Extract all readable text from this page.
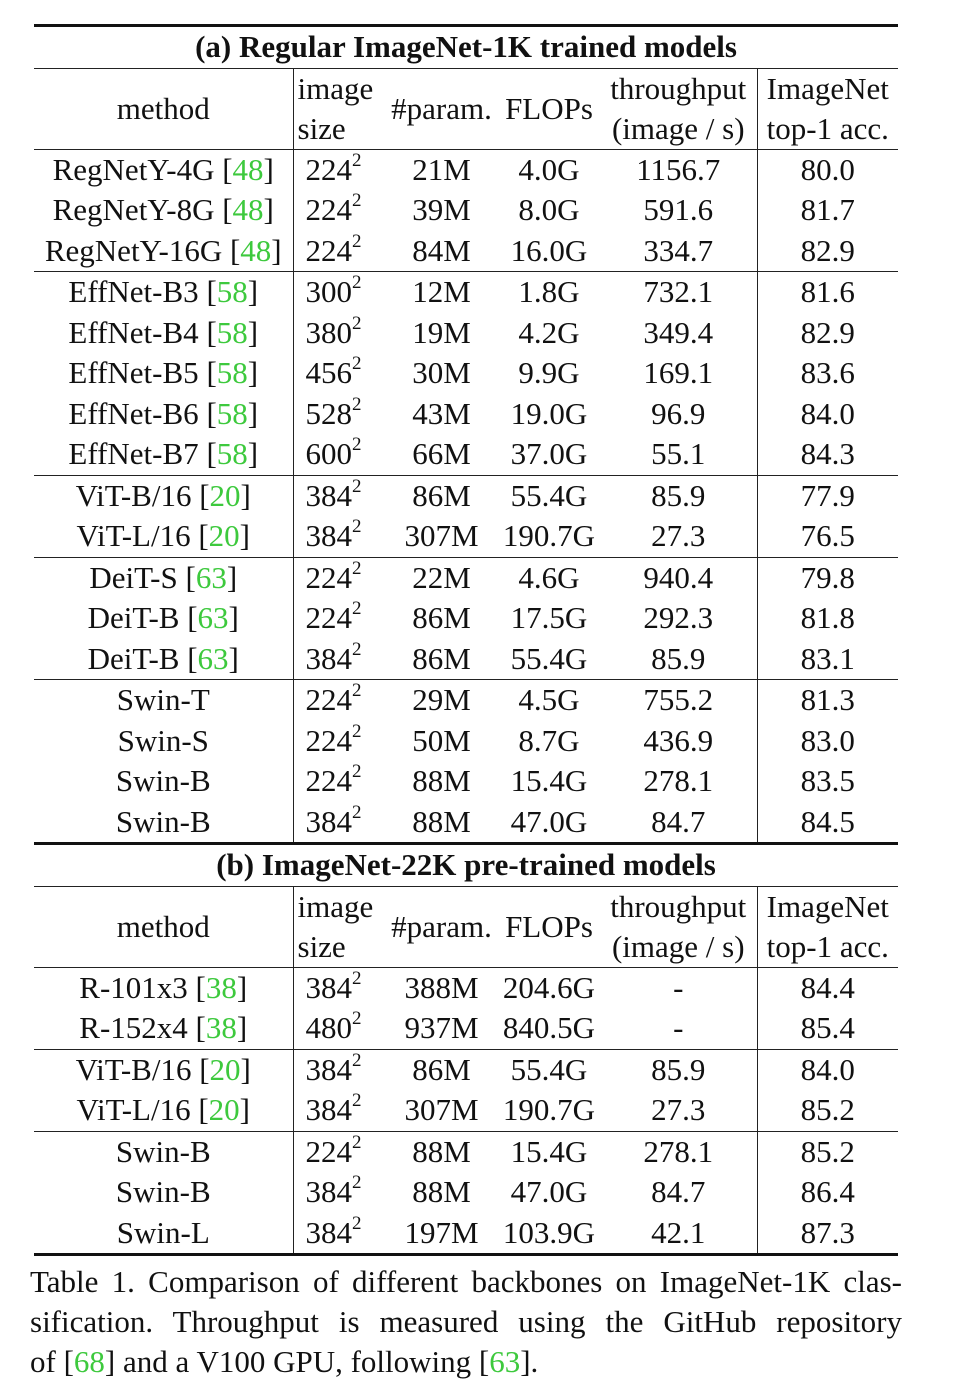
(a) Regular ImageNet-1K trained models					
method	image	#param.	FLOPs	throughput	ImageNet
	size			(image / s)	top-1 acc.
RegNetY-4G [48]	$224^2$	21M	4.0G	1156.7	80.0
RegNetY-8G [48]	$224^2$	39M	8.0G	591.6	81.7
RegNetY-16G [48]	$224^2$	84M	16.0G	334.7	82.9
EffNet-B3 [58]	$300^2$	12M	1.8G	732.1	81.6
EffNet-B4 [58]	$380^2$	19M	4.2G	349.4	82.9
EffNet-B5 [58]	$456^2$	30M	9.9G	169.1	83.6
EffNet-B6 [58]	$528^2$	43M	19.0G	96.9	84.0
EffNet-B7 [58]	$600^2$	66M	37.0G	55.1	84.3
ViT-B/16 [20]	$384^2$	86M	55.4G	85.9	77.9
ViT-L/16 [20]	$384^2$	307M	190.7G	27.3	76.5
DeiT-S [63]	$224^2$	22M	4.6G	940.4	79.8
DeiT-B [63]	$224^2$	86M	17.5G	292.3	81.8
DeiT-B [63]	$384^2$	86M	55.4G	85.9	83.1
Swin-T	$224^2$	29M	4.5G	755.2	81.3
Swin-S	$224^2$	50M	8.7G	436.9	83.0
Swin-B	$224^2$	88M	15.4G	278.1	83.5
Swin-B	$384^2$	88M	47.0G	84.7	84.5
(b) ImageNet-22K pre-trained models					
method	image	#param.	FLOPs	throughput	ImageNet
	size			(image / s)	top-1 acc.
R-101x3 [38]	$384^2$	388M	204.6G	-	84.4
R-152x4 [38]	$480^2$	937M	840.5G	-	85.4
ViT-B/16 [20]	$384^2$	86M	55.4G	85.9	84.0
ViT-L/16 [20]	$384^2$	307M	190.7G	27.3	85.2
Swin-B	$224^2$	88M	15.4G	278.1	85.2
Swin-B	$384^2$	88M	47.0G	84.7	86.4
Swin-L	$384^2$	197M	103.9G	42.1	87.3
Table 1. Comparison of different backbones on ImageNet-1K clas-
sification. Throughput is measured using the GitHub repository
of [68] and a V100 GPU, following [63].
